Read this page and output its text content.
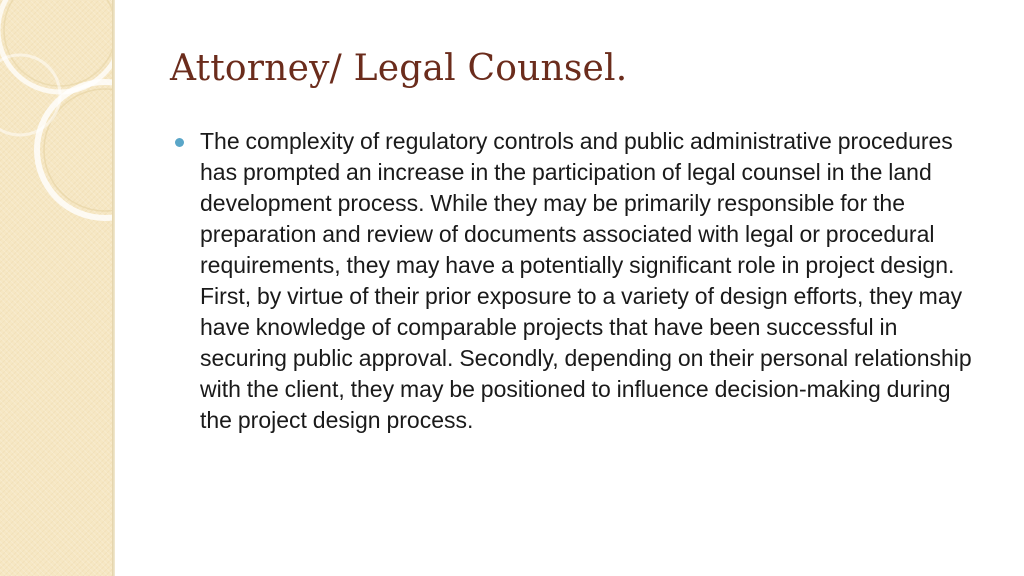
Attorney/ Legal Counsel.

The complexity of regulatory controls and public administrative procedures has prompted an increase in the participation of legal counsel in the land development process. While they may be primarily responsible for the preparation and review of documents associated with legal or procedural requirements, they may have a potentially significant role in project design. First, by virtue of their prior exposure to a variety of design efforts, they may have knowledge of comparable projects that have been successful in securing public approval. Secondly, depending on their personal relationship with the client, they may be positioned to influence decision-making during the project design process.
